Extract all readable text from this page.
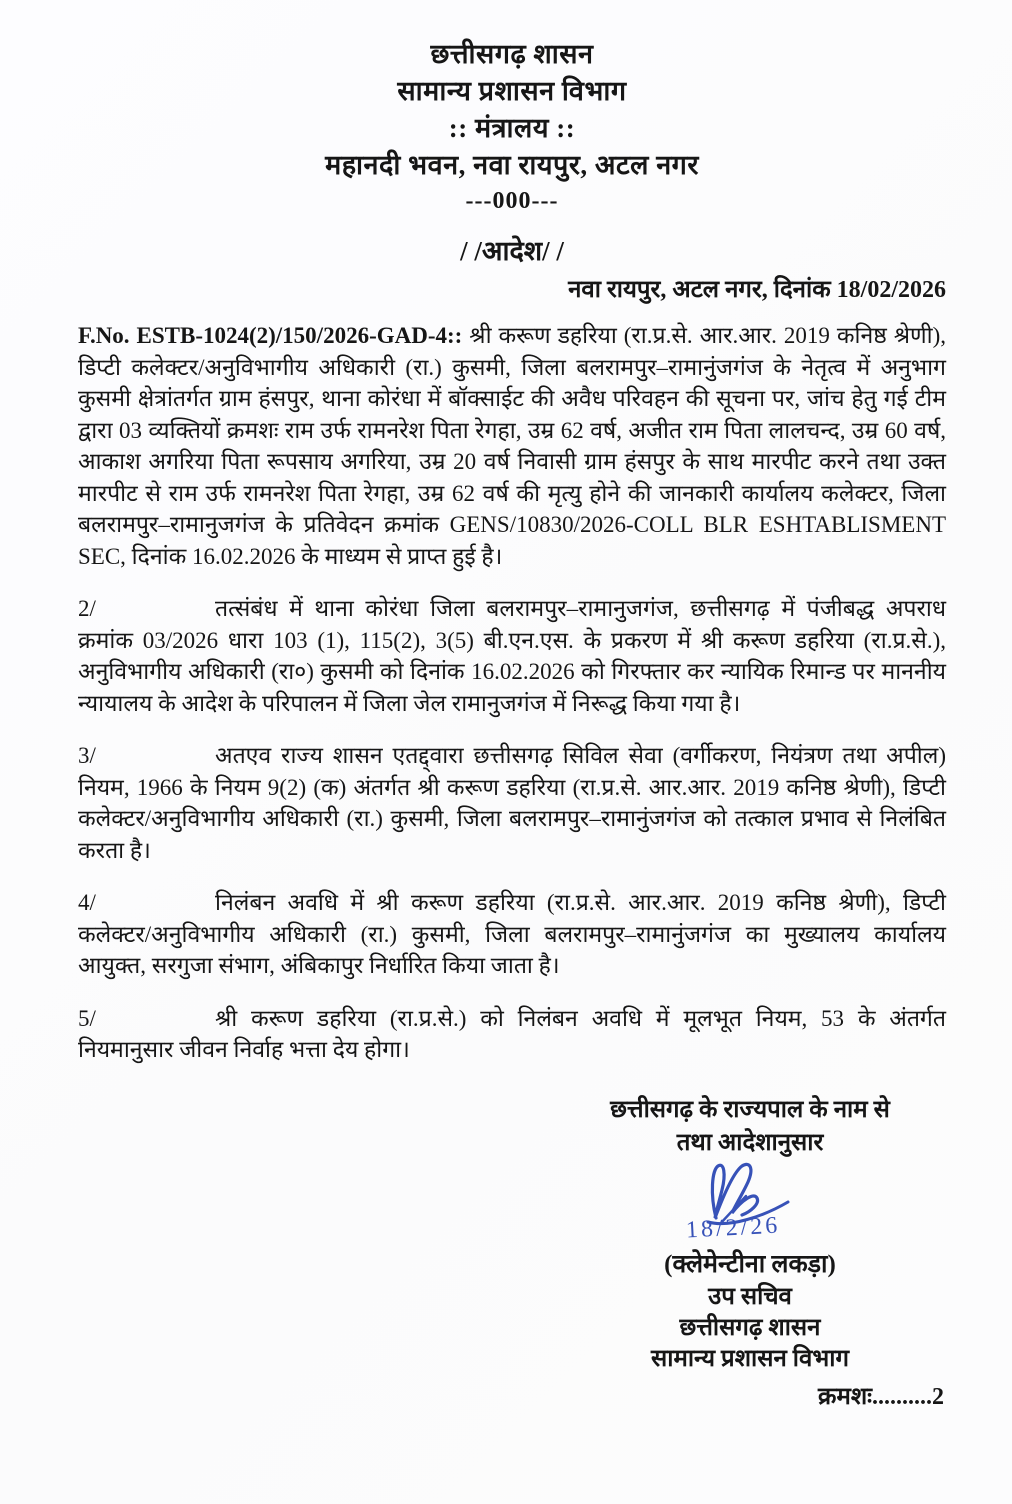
छत्तीसगढ़ शासन
सामान्य प्रशासन विभाग
:: मंत्रालय ::
महानदी भवन, नवा रायपुर, अटल नगर
---000---
/ /आदेश/ /
नवा रायपुर, अटल नगर, दिनांक 18/02/2026

F.No. ESTB-1024(2)/150/2026-GAD-4:: श्री करूण डहरिया (रा.प्र.से. आर.आर. 2019 कनिष्ठ श्रेणी), डिप्टी कलेक्टर/अनुविभागीय अधिकारी (रा.) कुसमी, जिला बलरामपुर–रामानुंजगंज के नेतृत्व में अनुभाग कुसमी क्षेत्रांतर्गत ग्राम हंसपुर, थाना कोरंधा में बॉक्साईट की अवैध परिवहन की सूचना पर, जांच हेतु गई टीम द्वारा 03 व्यक्तियों क्रमशः राम उर्फ रामनरेश पिता रेगहा, उम्र 62 वर्ष, अजीत राम पिता लालचन्द, उम्र 60 वर्ष, आकाश अगरिया पिता रूपसाय अगरिया, उम्र 20 वर्ष निवासी ग्राम हंसपुर के साथ मारपीट करने तथा उक्त मारपीट से राम उर्फ रामनरेश पिता रेगहा, उम्र 62 वर्ष की मृत्यु होने की जानकारी कार्यालय कलेक्टर, जिला बलरामपुर–रामानुजगंज के प्रतिवेदन क्रमांक GENS/10830/2026-COLL BLR ESHTABLISMENT SEC, दिनांक 16.02.2026 के माध्यम से प्राप्त हुई है।

2/	तत्संबंध में थाना कोरंधा जिला बलरामपुर–रामानुजगंज, छत्तीसगढ़ में पंजीबद्ध अपराध क्रमांक 03/2026 धारा 103 (1), 115(2), 3(5) बी.एन.एस. के प्रकरण में श्री करूण डहरिया (रा.प्र.से.), अनुविभागीय अधिकारी (रा०) कुसमी को दिनांक 16.02.2026 को गिरफ्तार कर न्यायिक रिमान्ड पर माननीय न्यायालय के आदेश के परिपालन में जिला जेल रामानुजगंज में निरूद्ध किया गया है।

3/	अतएव राज्य शासन एतद्द्वारा छत्तीसगढ़ सिविल सेवा (वर्गीकरण, नियंत्रण तथा अपील) नियम, 1966 के नियम 9(2) (क) अंतर्गत श्री करूण डहरिया (रा.प्र.से. आर.आर. 2019 कनिष्ठ श्रेणी), डिप्टी कलेक्टर/अनुविभागीय अधिकारी (रा.) कुसमी, जिला बलरामपुर–रामानुंजगंज को तत्काल प्रभाव से निलंबित करता है।

4/	निलंबन अवधि में श्री करूण डहरिया (रा.प्र.से. आर.आर. 2019 कनिष्ठ श्रेणी), डिप्टी कलेक्टर/अनुविभागीय अधिकारी (रा.) कुसमी, जिला बलरामपुर–रामानुंजगंज का मुख्यालय कार्यालय आयुक्त, सरगुजा संभाग, अंबिकापुर निर्धारित किया जाता है।

5/	श्री करूण डहरिया (रा.प्र.से.) को निलंबन अवधि में मूलभूत नियम, 53 के अंतर्गत नियमानुसार जीवन निर्वाह भत्ता देय होगा।

छत्तीसगढ़ के राज्यपाल के नाम से
तथा आदेशानुसार
18/2/26
(क्लेमेन्टीना लकड़ा)
उप सचिव
छत्तीसगढ़ शासन
सामान्य प्रशासन विभाग
क्रमशः..........2
